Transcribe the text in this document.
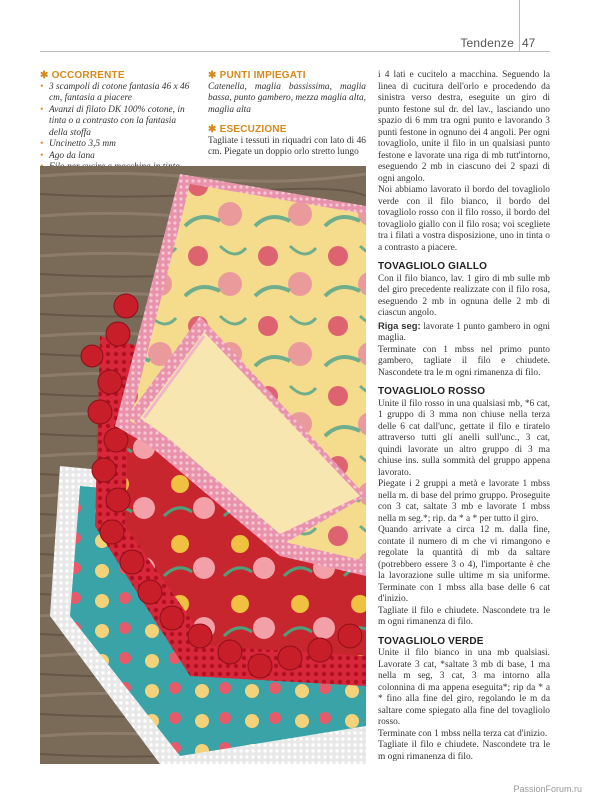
Tendenze 47
✱ OCCORRENTE
• 3 scampoli di cotone fantasia 46 x 46 cm, fantasia a piacere
• Avanzi di filato DK 100% cotone, in tinta o a contrasto con la fantasia della stoffa
• Uncinetto 3,5 mm
• Ago da lana
•
✱ PUNTI IMPIEGATI

Catenella, maglia bassissima, maglia bassa, punto gambero, mezza maglia alta, maglia alta

✱ ESECUZIONE

Tagliate i tessuti in riquadri con lato di 46 cm. Piegate un doppio orlo stretto lungo

i 4 lati e cucitelo a macchina. Seguendo la linea di cucitura dell'orlo e procedendo da sinistra verso destra, eseguite un giro di punto festone sul dr. del lav., lasciando uno spazio di 6 mm tra ogni punto e lavorando 3 punti festone in ognuno dei 4 angoli. Per ogni tovagliolo, unite il filo in un qualsiasi punto festone e lavorate una riga di mb tutt'intorno, eseguendo 2 mb in ciascuno dei 2 spazi di ogni angolo.

Noi abbiamo lavorato il bordo del tovagliolo verde con il filo bianco, il bordo del tovagliolo rosso con il filo rosso, il bordo del tovagliolo giallo con il filo rosa; voi scegliete tra i filati a vostra disposizione, uno in tinta o a contrasto a piacere.

TOVAGLIOLO GIALLO

Con il filo bianco, lav. 1 giro di mb sulle mb del giro precedente realizzate con il filo rosa, eseguendo 2 mb in ognuna delle 2 mb di ciascun angolo.

Riga seg: lavorate 1 punto gambero in ogni maglia.

Terminate con 1 mbss nel primo punto gambero, tagliate il filo e chiudete. Nascondete tra le m ogni rimanenza di filo.

TOVAGLIOLO ROSSO

Unite il filo rosso in una qualsiasi mb, *6 cat, 1 gruppo di 3 mma non chiuse nella terza delle 6 cat dall'unc, gettate il filo e tiratelo attraverso tutti gli anelli sull'unc., 3 cat, quindi lavorate un altro gruppo di 3 ma chiuse ins. sulla sommità del gruppo appena lavorato.

Piegate i 2 gruppi a metà e lavorate 1 mbss nella m. di base del primo gruppo. Proseguite con 3 cat, saltate 3 mb e lavorate 1 mbss nella m seg.*; rip. da * a * per tutto il giro.

Quando arrivate a circa 12 m. dalla fine, contate il numero di m che vi rimangono e regolate la quantità di mb da saltare (potrebbero essere 3 o 4), l'importante è che la lavorazione sulle ultime m sia uniforme. Terminate con 1 mbss alla base delle 6 cat d'inizio.

Tagliate il filo e chiudete. Nascondete tra le m ogni rimanenza di filo.

TOVAGLIOLO VERDE

Unite il filo bianco in una mb qualsiasi. Lavorate 3 cat, *saltate 3 mb di base, 1 ma nella m seg, 3 cat, 3 ma intorno alla colonnina di ma appena eseguita*; rip da * a * fino alla fine del giro, regolando le m da saltare come spiegato alla fine del tovagliolo rosso.

Terminate con 1 mbss nella terza cat d'inizio.

Tagliate il filo e chiudete. Nascondete tra le m ogni rimanenza di filo.

PassionForum.ru
